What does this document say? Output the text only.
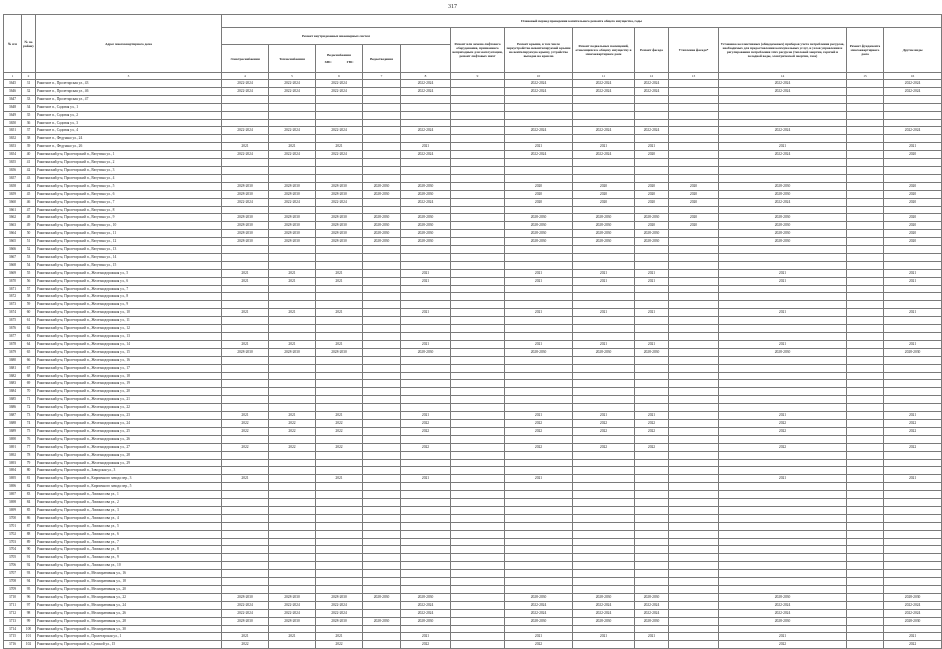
317
№ п/п	№ по району	Адрес многоквартирного дома	Плановый период проведения капитального ремонта общего имущества, годы												
			Ремонт внутридомовых инженерных систем					Ремонт или замена лифтового оборудования, признанного непригодным для эксплуатации, ремонт лифтовых шахт	Ремонт крыши, в том числе переустройство невентилируемой крыши на вентилируемую крышу, устройство выходов на кровлю	Ремонт подвальных помещений, относящихся к общему имуществу в многоквартирном доме	Ремонт фасада	Утепление фасада*	Установка коллективных (общедомовых) приборов учета потребления ресурсов, необходимых для предоставления коммунальных услуг, и узлов управления и регулирования потребления этих ресурсов (тепловой энергии, горячей и холодной воды, электрической энергии, газа)	Ремонт фундамента многоквартирного дома	Другие виды
			Электроснабжения	Теплоснабжения	Водоснабжения
ХВС ГВС	Водоотведения									
1	2	3	4	5	6	7	8	9	10	11	12	13	14	15	16
3645	31	Ракитное п., Пролетарская ул., 43	2022-2024	2022-2024	2022-2024		2022-2024		2022-2024	2022-2024	2022-2024		2022-2024		2022-2024
3646	32	Ракитное п., Пролетарская ул., 46	2022-2024	2022-2024	2022-2024		2022-2024		2022-2024	2022-2024	2022-2024		2022-2024		2022-2024
3647	33	Ракитное п., Пролетарская ул., 47													
3648	34	Ракитное п., Садовая ул., 1													
3649	35	Ракитное п., Садовая ул., 2													
3650	36	Ракитное п., Садовая ул., 3													
3651	37	Ракитное п., Садовая ул., 4	2022-2024	2022-2024	2022-2024		2022-2024		2022-2024	2022-2024	2022-2024		2022-2024		2022-2024
3652	38	Ракитное п., Федунько ул., 24													
3653	39	Ракитное п., Федунько ул., 26	2021	2021	2021		2021		2021	2021	2021		2021		2021
3654	40	Ракитянский р-н, Пролетарский п., Ватутина ул., 1	2022-2024	2022-2024	2022-2024		2022-2024		2022-2024	2022-2024	2020		2022-2024		2020
3655	41	Ракитянский р-н, Пролетарский п., Ватутина ул., 2													
3656	42	Ракитянский р-н, Пролетарский п., Ватутина ул., 3													
3657	43	Ракитянский р-н, Пролетарский п., Ватутина ул., 4													
3658	44	Ракитянский р-н, Пролетарский п., Ватутина ул., 5	2028-2030	2028-2030	2028-2030	2028-2030	2028-2030		2020	2020	2020	2020	2028-2030		2020
3659	45	Ракитянский р-н, Пролетарский п., Ватутина ул., 6	2028-2030	2028-2030	2028-2030	2028-2030	2028-2030		2020	2020	2020	2020	2028-2030		2020
3660	46	Ракитянский р-н, Пролетарский п., Ватутина ул., 7	2022-2024	2022-2024	2022-2024		2022-2024		2020	2020	2020	2020	2022-2024		2020
3661	47	Ракитянский р-н, Пролетарский п., Ватутина ул., 8													
3662	48	Ракитянский р-н, Пролетарский п., Ватутина ул., 9	2028-2030	2028-2030	2028-2030	2028-2030	2028-2030		2028-2030	2028-2030	2028-2030	2020	2028-2030		2020
3663	49	Ракитянский р-н, Пролетарский п., Ватутина ул., 10	2028-2030	2028-2030	2028-2030	2028-2030	2028-2030		2028-2030	2028-2030	2020	2020	2028-2030		2020
3664	50	Ракитянский р-н, Пролетарский п., Ватутина ул., 11	2028-2030	2028-2030	2028-2030	2028-2030	2028-2030		2028-2030	2028-2030	2028-2030		2028-2030		2020
3665	51	Ракитянский р-н, Пролетарский п., Ватутина ул., 12	2028-2030	2028-2030	2028-2030	2028-2030	2028-2030		2028-2030	2028-2030	2028-2030		2028-2030		2020
3666	52	Ракитянский р-н, Пролетарский п., Ватутина ул., 13													
3667	53	Ракитянский р-н, Пролетарский п., Ватутина ул., 14													
3668	54	Ракитянский р-н, Пролетарский п., Ватутина ул., 15													
3669	55	Ракитянский р-н, Пролетарский п., Железнодорожная ул., 5	2021	2021	2021		2021		2021	2021	2021		2021		2021
3670	56	Ракитянский р-н, Пролетарский п., Железнодорожная ул., 6	2021	2021	2021		2021		2021	2021	2021		2021		2021
3671	57	Ракитянский р-н, Пролетарский п., Железнодорожная ул., 7													
3672	58	Ракитянский р-н, Пролетарский п., Железнодорожная ул., 8													
3673	59	Ракитянский р-н, Пролетарский п., Железнодорожная ул., 9													
3674	60	Ракитянский р-н, Пролетарский п., Железнодорожная ул., 10	2021	2021	2021		2021		2021	2021	2021		2021		2021
3675	61	Ракитянский р-н, Пролетарский п., Железнодорожная ул., 11													
3676	62	Ракитянский р-н, Пролетарский п., Железнодорожная ул., 12													
3677	63	Ракитянский р-н, Пролетарский п., Железнодорожная ул., 13													
3678	64	Ракитянский р-н, Пролетарский п., Железнодорожная ул., 14	2021	2021	2021		2021		2021	2021	2021		2021		2021
3679	65	Ракитянский р-н, Пролетарский п., Железнодорожная ул., 15	2028-2030	2028-2030	2028-2030		2028-2030		2028-2030	2028-2030	2028-2030		2028-2030		2028-2030
3680	66	Ракитянский р-н, Пролетарский п., Железнодорожная ул., 16													
3681	67	Ракитянский р-н, Пролетарский п., Железнодорожная ул., 17													
3682	68	Ракитянский р-н, Пролетарский п., Железнодорожная ул., 18													
3683	69	Ракитянский р-н, Пролетарский п., Железнодорожная ул., 19													
3684	70	Ракитянский р-н, Пролетарский п., Железнодорожная ул., 20													
3685	71	Ракитянский р-н, Пролетарский п., Железнодорожная ул., 21													
3686	72	Ракитянский р-н, Пролетарский п., Железнодорожная ул., 22													
3687	73	Ракитянский р-н, Пролетарский п., Железнодорожная ул., 23	2021	2021	2021		2021		2021	2021	2021		2021		2021
3688	74	Ракитянский р-н, Пролетарский п., Железнодорожная ул., 24	2022	2022	2022		2022		2022	2022	2022		2022		2022
3689	75	Ракитянский р-н, Пролетарский п., Железнодорожная ул., 25	2022	2022	2022		2022		2022	2022	2022		2022		2022
3690	76	Ракитянский р-н, Пролетарский п., Железнодорожная ул., 26													
3691	77	Ракитянский р-н, Пролетарский п., Железнодорожная ул., 27	2022	2022	2022		2022		2022	2022	2022		2022		2022
3692	78	Ракитянский р-н, Пролетарский п., Железнодорожная ул., 28													
3693	79	Ракитянский р-н, Пролетарский п., Железнодорожная ул., 29													
3694	80	Ракитянский р-н, Пролетарский п., Заводская ул., 3													
3695	81	Ракитянский р-н, Пролетарский п., Кирпичного завода пер., 3	2021		2021		2021		2021				2021		2021
3696	82	Ракитянский р-н, Пролетарский п., Кирпичного завода пер., 5													
3697	83	Ракитянский р-н, Пролетарский п., Ломоносова ул., 1													
3698	84	Ракитянский р-н, Пролетарский п., Ломоносова ул., 2													
3699	85	Ракитянский р-н, Пролетарский п., Ломоносова ул., 3													
3700	86	Ракитянский р-н, Пролетарский п., Ломоносова ул., 4													
3701	87	Ракитянский р-н, Пролетарский п., Ломоносова ул., 5													
3702	88	Ракитянский р-н, Пролетарский п., Ломоносова ул., 6													
3703	89	Ракитянский р-н, Пролетарский п., Ломоносова ул., 7													
3704	90	Ракитянский р-н, Пролетарский п., Ломоносова ул., 8													
3705	91	Ракитянский р-н, Пролетарский п., Ломоносова ул., 9													
3706	92	Ракитянский р-н, Пролетарский п., Ломоносова ул., 10													
3707	93	Ракитянский р-н, Пролетарский п., Мелиоративная ул., 16													
3708	94	Ракитянский р-н, Пролетарский п., Мелиоративная ул., 18													
3709	95	Ракитянский р-н, Пролетарский п., Мелиоративная ул., 20													
3710	96	Ракитянский р-н, Пролетарский п., Мелиоративная ул., 22	2028-2030	2028-2030	2028-2030	2028-2030	2028-2030		2028-2030	2028-2030	2028-2030		2028-2030		2028-2030
3711	97	Ракитянский р-н, Пролетарский п., Мелиоративная ул., 24	2022-2024	2022-2024	2022-2024		2022-2024		2022-2024	2022-2024	2022-2024		2022-2024		2022-2024
3712	98	Ракитянский р-н, Пролетарский п., Мелиоративная ул., 26	2022-2024	2022-2024	2022-2024		2022-2024		2022-2024	2022-2024	2022-2024		2022-2024		2022-2024
3713	99	Ракитянский р-н, Пролетарский п., Мелиоративная ул., 28	2028-2030	2028-2030	2028-2030	2028-2030	2028-2030		2028-2030	2028-2030	2028-2030		2028-2030		2028-2030
3714	100	Ракитянский р-н, Пролетарский п., Мелиоративная ул., 30													
3715	101	Ракитянский р-н, Пролетарский п., Пролетарская ул., 1	2021	2021	2021		2021		2021	2021	2021		2021		2021
3716	102	Ракитянский р-н, Пролетарский п., Сумской ул., 15	2022		2022		2022		2022				2022		2022
